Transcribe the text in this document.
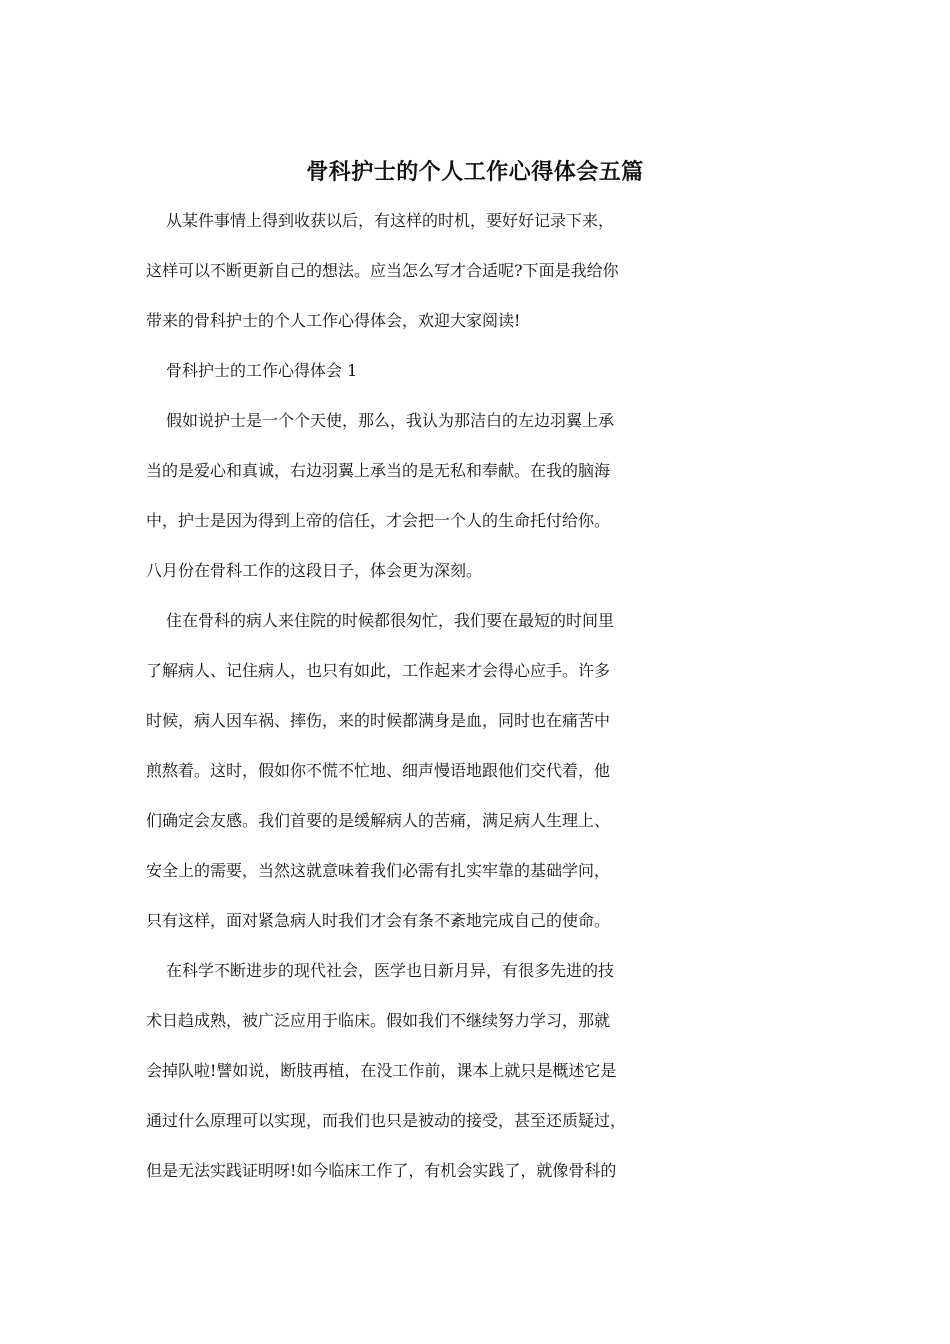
骨科护士的个人工作心得体会五篇
从某件事情上得到收获以后，有这样的时机，要好好记录下来，
这样可以不断更新自己的想法。应当怎么写才合适呢?下面是我给你
带来的骨科护士的个人工作心得体会，欢迎大家阅读!
骨科护士的工作心得体会 1
假如说护士是一个个天使，那么，我认为那洁白的左边羽翼上承
当的是爱心和真诚，右边羽翼上承当的是无私和奉献。在我的脑海
中，护士是因为得到上帝的信任，才会把一个人的生命托付给你。
八月份在骨科工作的这段日子，体会更为深刻。
住在骨科的病人来住院的时候都很匆忙，我们要在最短的时间里
了解病人、记住病人，也只有如此，工作起来才会得心应手。许多
时候，病人因车祸、摔伤，来的时候都满身是血，同时也在痛苦中
煎熬着。这时，假如你不慌不忙地、细声慢语地跟他们交代着，他
们确定会友感。我们首要的是缓解病人的苦痛，满足病人生理上、
安全上的需要，当然这就意味着我们必需有扎实牢靠的基础学问，
只有这样，面对紧急病人时我们才会有条不紊地完成自己的使命。
在科学不断进步的现代社会，医学也日新月异，有很多先进的技
术日趋成熟，被广泛应用于临床。假如我们不继续努力学习，那就
会掉队啦!譬如说，断肢再植，在没工作前，课本上就只是概述它是
通过什么原理可以实现，而我们也只是被动的接受，甚至还质疑过，
但是无法实践证明呀!如今临床工作了，有机会实践了，就像骨科的
